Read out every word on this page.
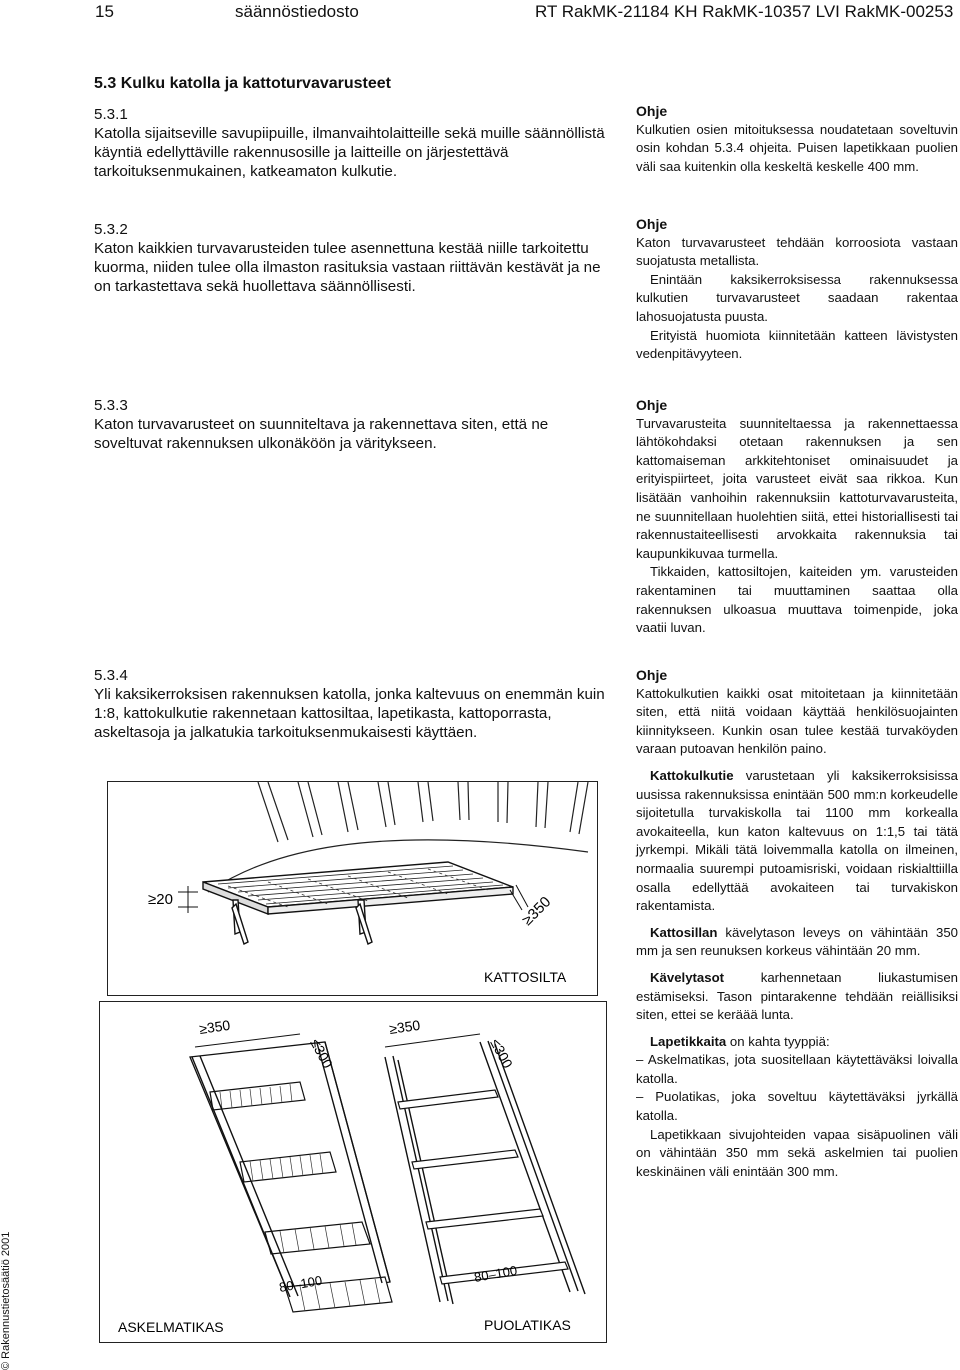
15	säännöstiedosto	RT RakMK-21184 KH RakMK-10357 LVI RakMK-00253
5.3 Kulku katolla ja kattoturvavarusteet
5.3.1
Katolla sijaitseville savupiipuille, ilmanvaihtolaitteille sekä muille säännöllistä käyntiä edellyttäville rakennusosille ja laitteille on järjestettävä tarkoituksenmukainen, katkeamaton kulkutie.
Ohje

Kulkutien osien mitoituksessa noudatetaan soveltuvin osin kohdan 5.3.4 ohjeita. Puisen lapetikkaan puolien väli saa kuitenkin olla keskeltä keskelle 400 mm.

5.3.2
Katon kaikkien turvavarusteiden tulee asennettuna kestää niille tarkoitettu kuorma, niiden tulee olla ilmaston rasituksia vastaan riittävän kestävät ja ne on tarkastettava sekä huollettava säännöllisesti.
Ohje

Katon turvavarusteet tehdään korroosiota vastaan suojatusta metallista.

Enintään kaksikerroksisessa rakennuksessa kulkutien turvavarusteet saadaan rakentaa lahosuojatusta puusta.

Erityistä huomiota kiinnitetään katteen lävistysten vedenpitävyyteen.

5.3.3
Katon turvavarusteet on suunniteltava ja rakennettava siten, että ne soveltuvat rakennuksen ulkonäköön ja väritykseen.
Ohje

Turvavarusteita suunniteltaessa ja rakennettaessa lähtökohdaksi otetaan rakennuksen ja sen kattomaiseman arkkitehtoniset ominaisuudet ja erityispiirteet, joita varusteet eivät saa rikkoa. Kun lisätään vanhoihin rakennuksiin kattoturvavarusteita, ne suunnitellaan huolehtien siitä, ettei historiallisesti tai rakennustaiteellisesti arvokkaita rakennuksia tai kaupunkikuvaa turmella.

Tikkaiden, kattosiltojen, kaiteiden ym. varusteiden rakentaminen tai muuttaminen saattaa olla rakennuksen ulkoasua muuttava toimenpide, joka vaatii luvan.

5.3.4
Yli kaksikerroksisen rakennuksen katolla, jonka kaltevuus on enemmän kuin 1:8, kattokulkutie rakennetaan kattosiltaa, lapetikasta, kattoporrasta, askeltasoja ja jalkatukia tarkoituksenmukaisesti käyttäen.
Ohje

Kattokulkutien kaikki osat mitoitetaan ja kiinnitetään siten, että niitä voidaan käyttää henkilösuojainten kiinnitykseen. Kunkin osan tulee kestää turvaköyden varaan putoavan henkilön paino.

Kattokulkutie varustetaan yli kaksikerroksisissa uusissa rakennuksissa enintään 500 mm:n korkeudelle sijoitetulla turvakiskolla tai 1100 mm korkealla avokaiteella, kun katon kaltevuus on 1:1,5 tai tätä jyrkempi. Mikäli tätä loivemmalla katolla on ilmeinen, normaalia suurempi putoamisriski, voidaan riskialttiilla osalla edellyttää avokaiteen tai turvakiskon rakentamista.

Kattosillan kävelytason leveys on vähintään 350 mm ja sen reunuksen korkeus vähintään 20 mm.

Kävelytasot karhennetaan liukastumisen estämiseksi. Tason pintarakenne tehdään reiällisiksi siten, ettei se keräää lunta.

Lapetikkaita on kahta tyyppiä:

– Askelmatikas, jota suositellaan käytettäväksi loivalla katolla.

– Puolatikas, joka soveltuu käytettäväksi jyrkällä katolla.

Lapetikkaan sivujohteiden vapaa sisäpuolinen väli on vähintään 350 mm sekä askelmien tai puolien keskinäinen väli enintään 300 mm.

≥20	≥350
KATTOSILTA
≥350
≤300
80–100
ASKELMATIKAS
≥350
≤300
80–100
PUOLATIKAS
© Rakennustietosäätiö 2001
